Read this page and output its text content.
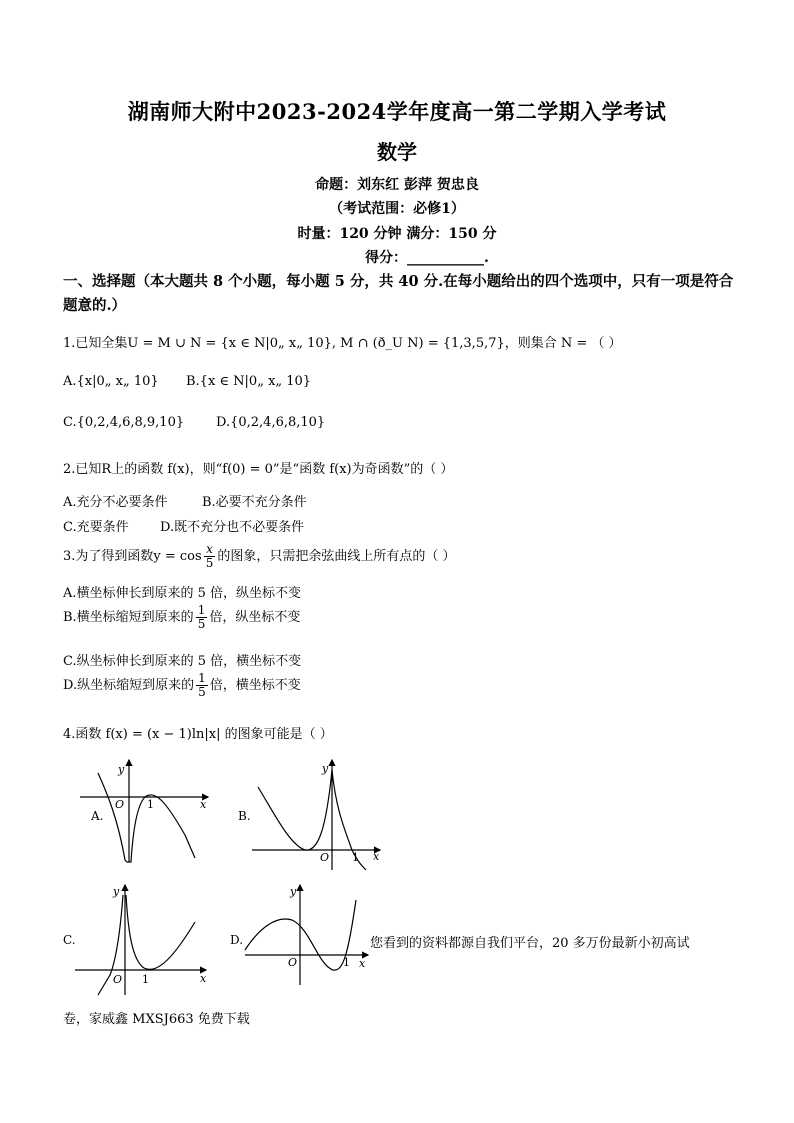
湖南师大附中2023-2024学年度高一第二学期入学考试
数学
命题：刘东红 彭萍 贺忠良
（考试范围：必修1）
时量：120 分钟 满分：150 分
得分：___________.
一、选择题（本大题共 8 个小题，每小题 5 分，共 40 分.在每小题给出的四个选项中，只有一项是符合题意的.）
1.已知全集U = M ∪ N = {x ∈ N|0„ x„ 10}, M ∩ (ð_U N) = {1,3,5,7}，则集合 N = （ ）
A.{x|0„ x„ 10} B.{x ∈ N|0„ x„ 10}
C.{0,2,4,6,8,9,10} D.{0,2,4,6,8,10}
2.已知R上的函数 f(x)，则“f(0) = 0”是“函数 f(x)为奇函数”的（ ）
A.充分不必要条件	B.必要不充分条件
C.充要条件 D.既不充分也不必要条件
3.为了得到函数$y = \cos \frac{x}{5}$ 的图象，只需把余弦曲线上所有点的（ ）
A.横坐标伸长到原来的 5 倍，纵坐标不变
B.横坐标缩短到原来的 $\frac{1}{5}$ 倍，纵坐标不变
C.纵坐标伸长到原来的 5 倍，横坐标不变
D.纵坐标缩短到原来的 $\frac{1}{5}$ 倍，横坐标不变
4.函数 f(x) = (x − 1)ln|x| 的图象可能是（ ）
A.
y
x
O 1
B.
y
x
O 1
C.
y
x
O 1
D.
y
x
O	1
您看到的资料都源自我们平台，20 多万份最新小初高试
卷，家威鑫 MXSJ663 免费下载
